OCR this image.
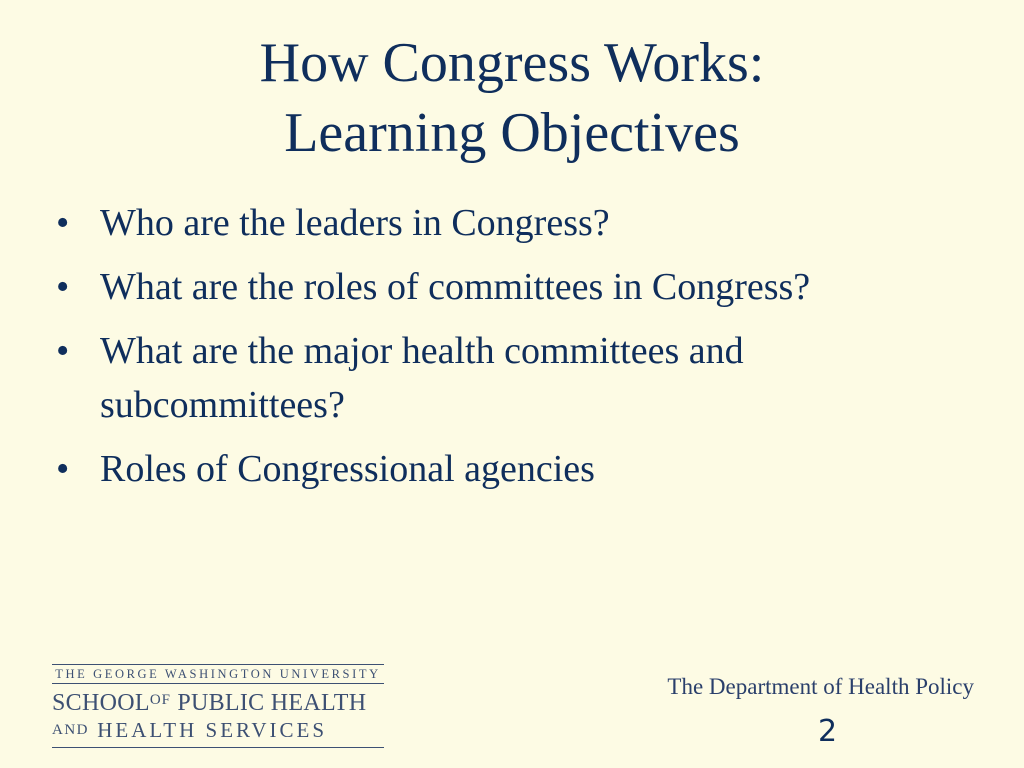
How Congress Works:
Learning Objectives
• Who are the leaders in Congress?
• What are the roles of committees in Congress?
• What are the major health committees and subcommittees?
• Roles of Congressional agencies
THE GEORGE WASHINGTON UNIVERSITY
$SCHOOL^{OF}$ PUBLIC HEALTH
AND HEALTH SERVICES
The Department of Health Policy
2
